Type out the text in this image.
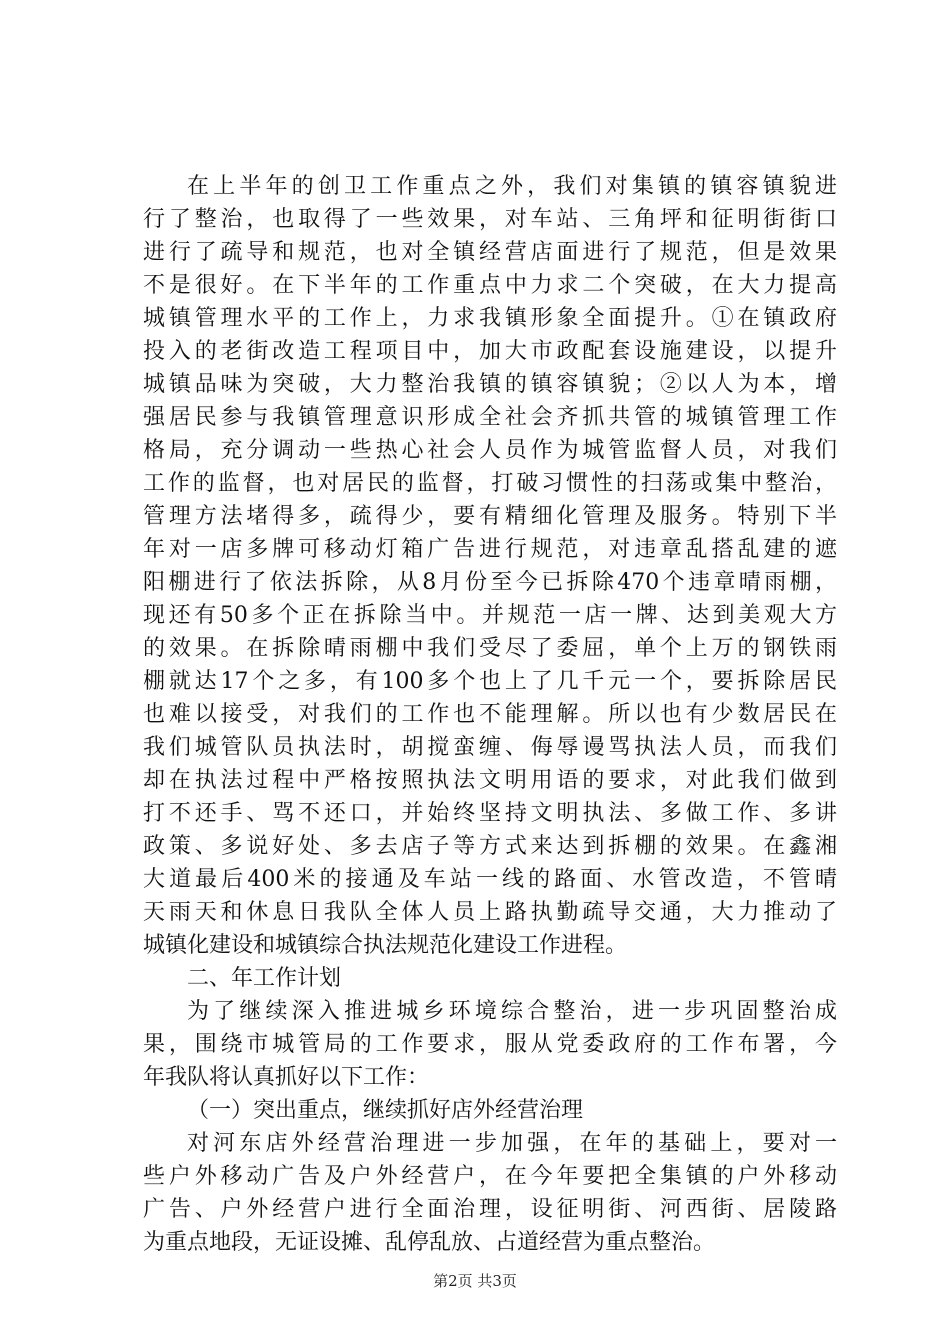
在上半年的创卫工作重点之外，我们对集镇的镇容镇貌进
行了整治，也取得了一些效果，对车站、三角坪和征明街街口
进行了疏导和规范，也对全镇经营店面进行了规范，但是效果
不是很好。在下半年的工作重点中力求二个突破，在大力提高
城镇管理水平的工作上，力求我镇形象全面提升。①在镇政府
投入的老街改造工程项目中，加大市政配套设施建设，以提升
城镇品味为突破，大力整治我镇的镇容镇貌；②以人为本，增
强居民参与我镇管理意识形成全社会齐抓共管的城镇管理工作
格局，充分调动一些热心社会人员作为城管监督人员，对我们
工作的监督，也对居民的监督，打破习惯性的扫荡或集中整治，
管理方法堵得多，疏得少，要有精细化管理及服务。特别下半
年对一店多牌可移动灯箱广告进行规范，对违章乱搭乱建的遮
阳棚进行了依法拆除，从8月份至今已拆除470个违章晴雨棚，
现还有50多个正在拆除当中。并规范一店一牌、达到美观大方
的效果。在拆除晴雨棚中我们受尽了委屈，单个上万的钢铁雨
棚就达17个之多，有100多个也上了几千元一个，要拆除居民
也难以接受，对我们的工作也不能理解。所以也有少数居民在
我们城管队员执法时，胡搅蛮缠、侮辱谩骂执法人员，而我们
却在执法过程中严格按照执法文明用语的要求，对此我们做到
打不还手、骂不还口，并始终坚持文明执法、多做工作、多讲
政策、多说好处、多去店子等方式来达到拆棚的效果。在鑫湘
大道最后400米的接通及车站一线的路面、水管改造，不管晴
天雨天和休息日我队全体人员上路执勤疏导交通，大力推动了
城镇化建设和城镇综合执法规范化建设工作进程。
二、年工作计划
为了继续深入推进城乡环境综合整治，进一步巩固整治成
果，围绕市城管局的工作要求，服从党委政府的工作布署，今
年我队将认真抓好以下工作：
（一）突出重点，继续抓好店外经营治理
对河东店外经营治理进一步加强，在年的基础上，要对一
些户外移动广告及户外经营户，在今年要把全集镇的户外移动
广告、户外经营户进行全面治理，设征明街、河西街、居陵路
为重点地段，无证设摊、乱停乱放、占道经营为重点整治。
第2页 共3页
